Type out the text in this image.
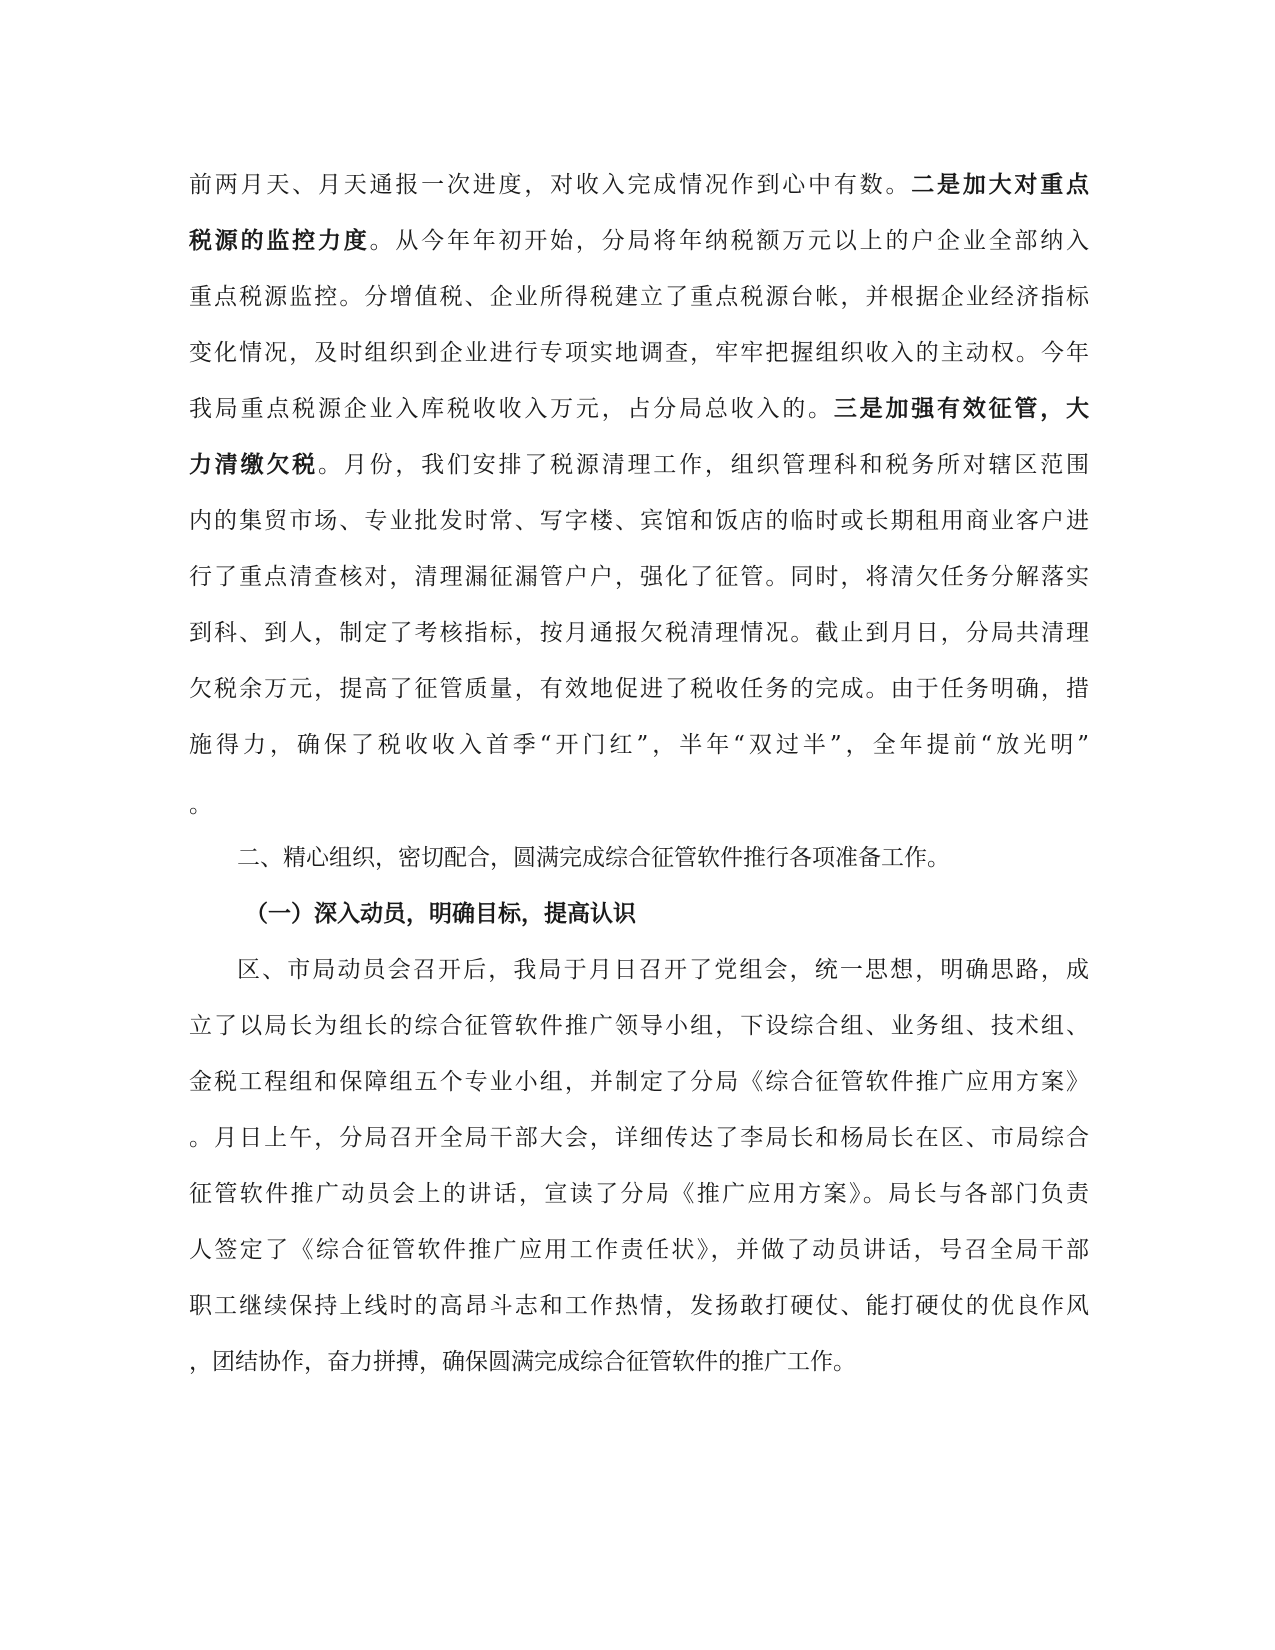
前两月天、月天通报一次进度，对收入完成情况作到心中有数。二是加大对重点
税源的监控力度。从今年年初开始，分局将年纳税额万元以上的户企业全部纳入
重点税源监控。分增值税、企业所得税建立了重点税源台帐，并根据企业经济指标
变化情况，及时组织到企业进行专项实地调查，牢牢把握组织收入的主动权。今年
我局重点税源企业入库税收收入万元，占分局总收入的。三是加强有效征管，大
力清缴欠税。月份，我们安排了税源清理工作，组织管理科和税务所对辖区范围
内的集贸市场、专业批发时常、写字楼、宾馆和饭店的临时或长期租用商业客户进
行了重点清查核对，清理漏征漏管户户，强化了征管。同时，将清欠任务分解落实
到科、到人，制定了考核指标，按月通报欠税清理情况。截止到月日，分局共清理
欠税余万元，提高了征管质量，有效地促进了税收任务的完成。由于任务明确，措
施得力，确保了税收收入首季“开门红”，半年“双过半”，全年提前“放光明”
。
二、精心组织，密切配合，圆满完成综合征管软件推行各项准备工作。
（一）深入动员，明确目标，提高认识
区、市局动员会召开后，我局于月日召开了党组会，统一思想，明确思路，成
立了以局长为组长的综合征管软件推广领导小组，下设综合组、业务组、技术组、
金税工程组和保障组五个专业小组，并制定了分局《综合征管软件推广应用方案》
。月日上午，分局召开全局干部大会，详细传达了李局长和杨局长在区、市局综合
征管软件推广动员会上的讲话，宣读了分局《推广应用方案》。局长与各部门负责
人签定了《综合征管软件推广应用工作责任状》，并做了动员讲话，号召全局干部
职工继续保持上线时的高昂斗志和工作热情，发扬敢打硬仗、能打硬仗的优良作风
，团结协作，奋力拼搏，确保圆满完成综合征管软件的推广工作。
